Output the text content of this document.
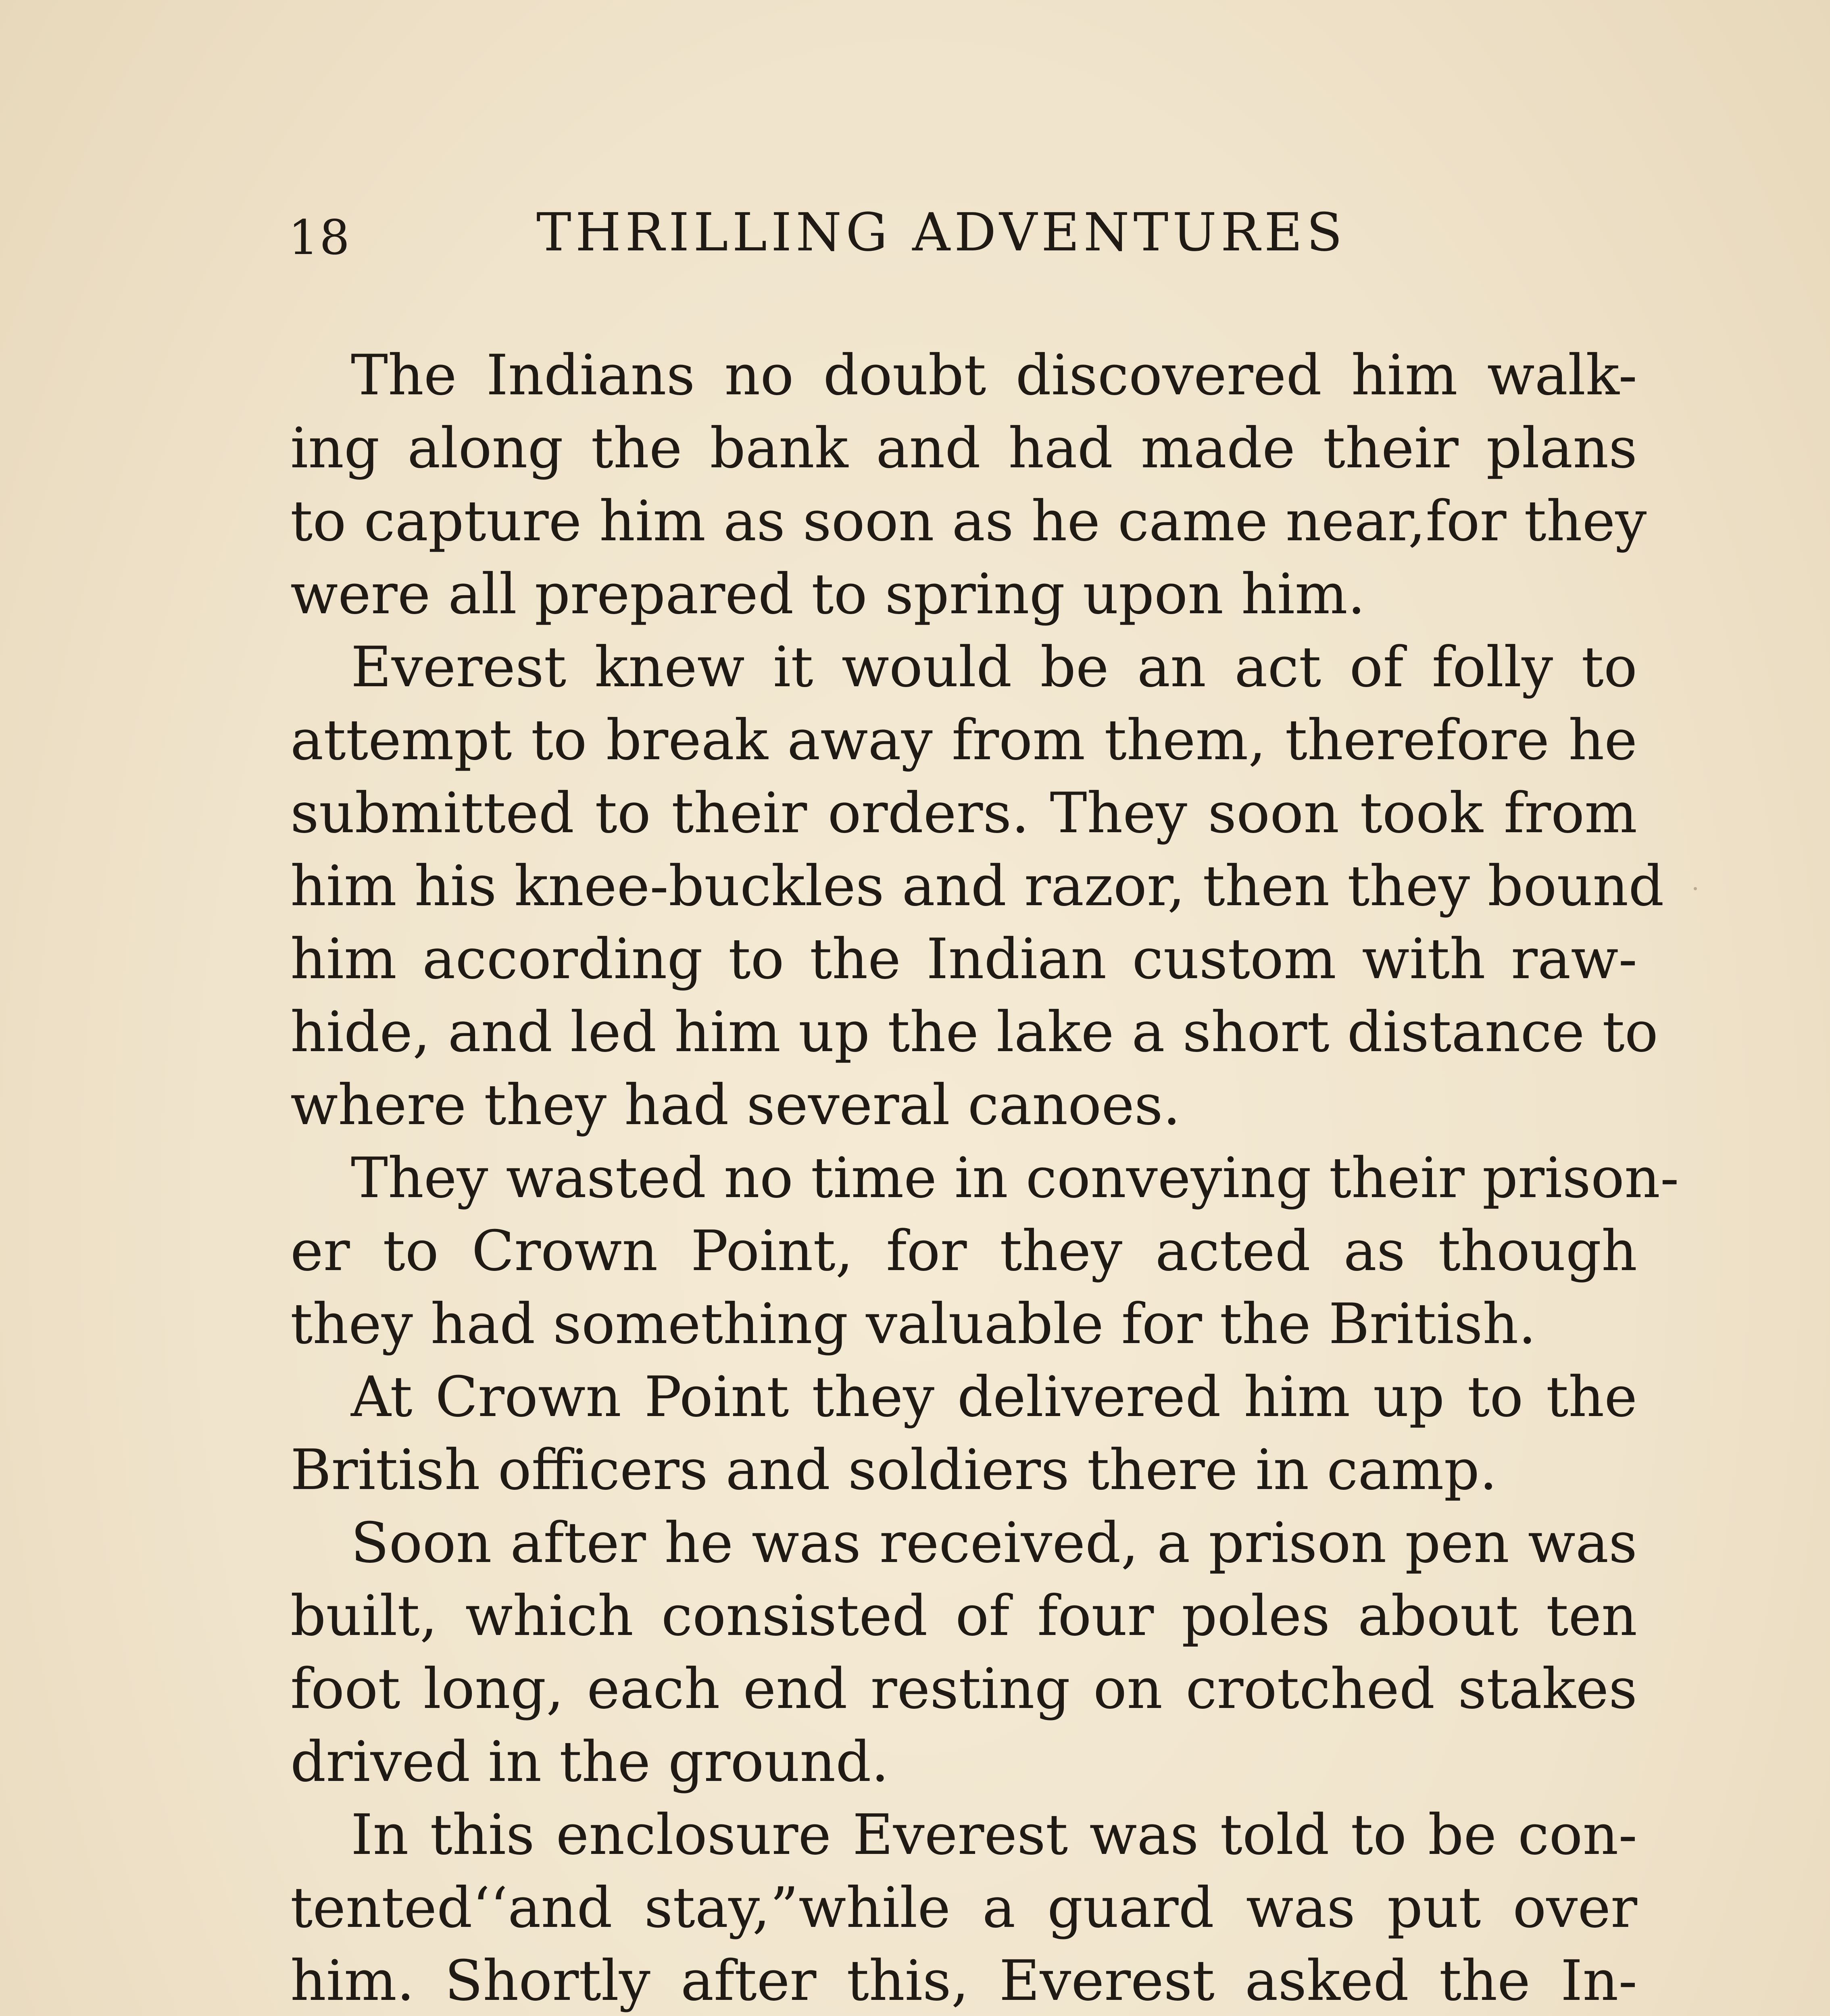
18	THRILLING ADVENTURES
The Indians no doubt discovered him walk-
ing along the bank and had made their plans
to capture him as soon as he came near,for they
were all prepared to spring upon him.
Everest knew it would be an act of folly to
attempt to break away from them, therefore he
submitted to their orders. They soon took from
him his knee-buckles and razor, then they bound
him according to the Indian custom with raw-
hide, and led him up the lake a short distance to
where they had several canoes.
They wasted no time in conveying their prison-
er to Crown Point, for they acted as though
they had something valuable for the British.
At Crown Point they delivered him up to the
British officers and soldiers there in camp.
Soon after he was received, a prison pen was
built, which consisted of four poles about ten
foot long, each end resting on crotched stakes
drived in the ground.
In this enclosure Everest was told to be con-
tented‘‘and stay,”while a guard was put over
him. Shortly after this, Everest asked the In-
